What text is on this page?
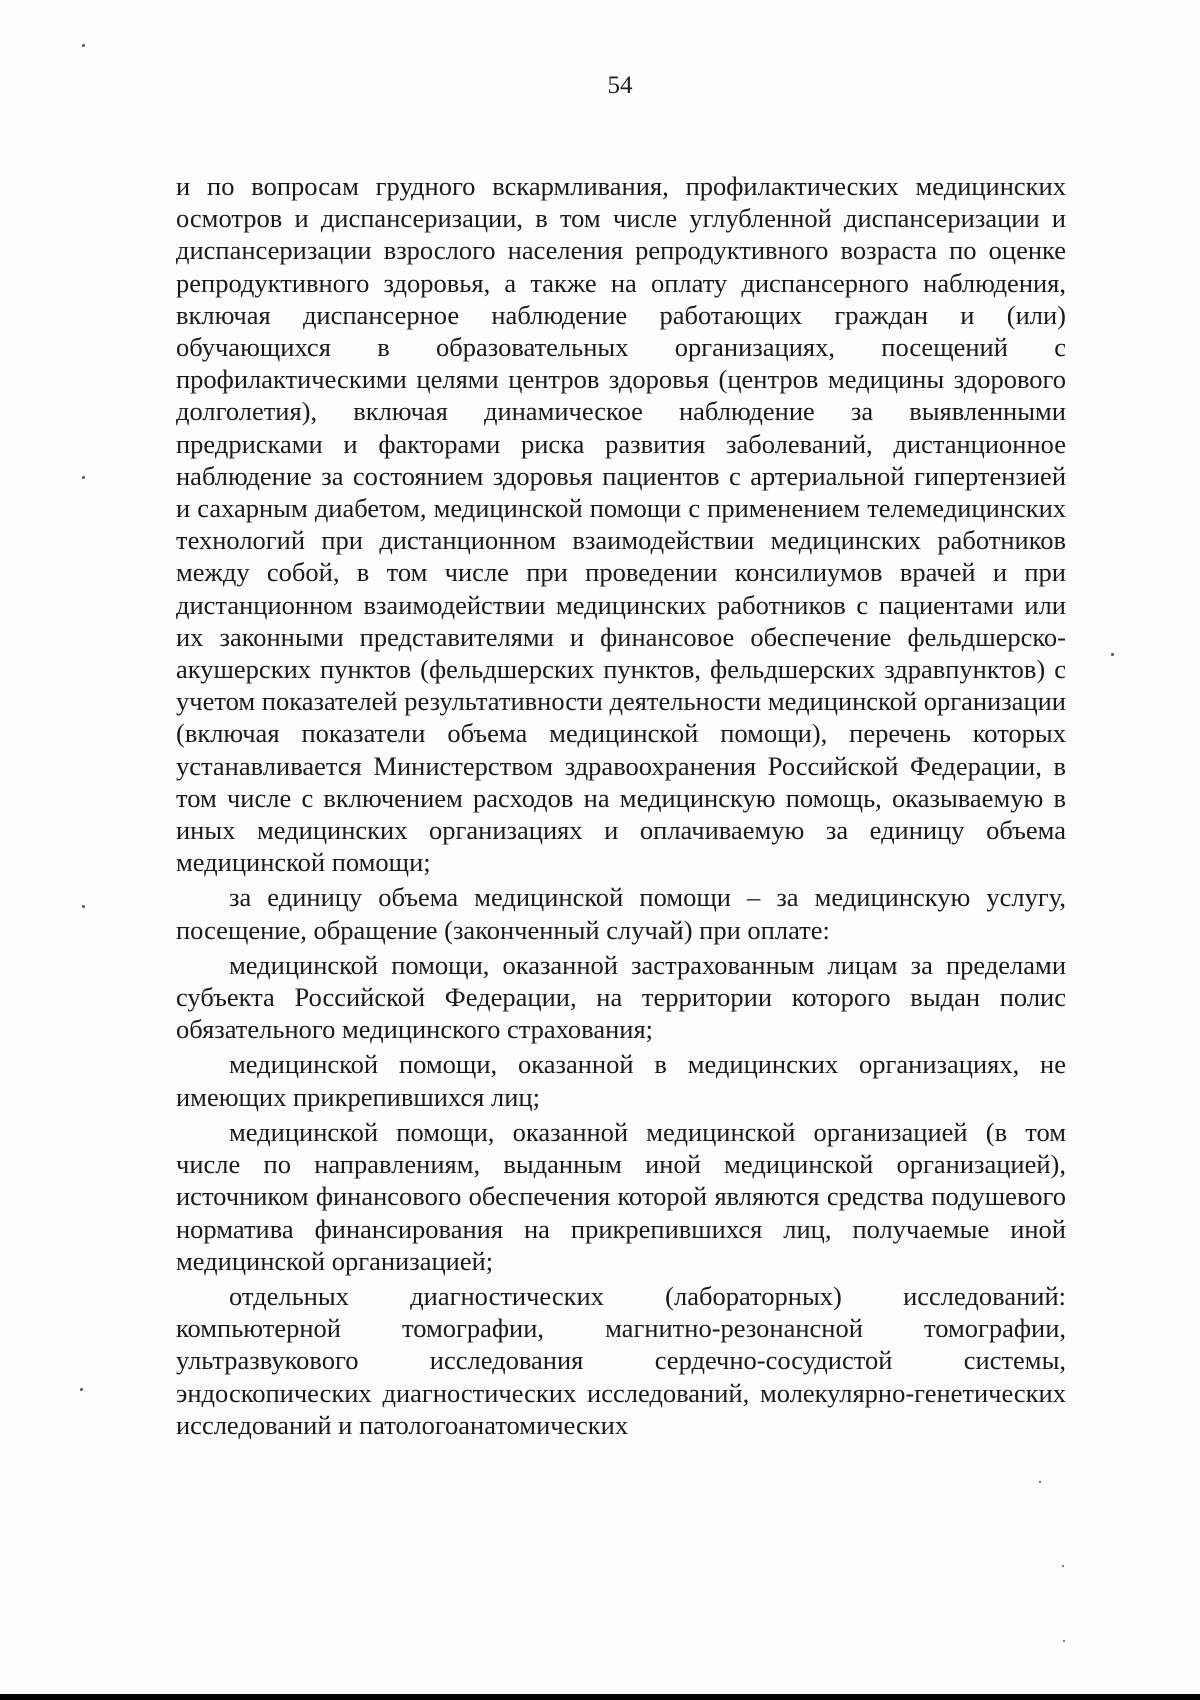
54

и по вопросам грудного вскармливания, профилактических медицинских осмотров и диспансеризации, в том числе углубленной диспансеризации и диспансеризации взрослого населения репродуктивного возраста по оценке репродуктивного здоровья, а также на оплату диспансерного наблюдения, включая диспансерное наблюдение работающих граждан и (или) обучающихся в образовательных организациях, посещений с профилактическими целями центров здоровья (центров медицины здорового долголетия), включая динамическое наблюдение за выявленными предрисками и факторами риска развития заболеваний, дистанционное наблюдение за состоянием здоровья пациентов с артериальной гипертензией и сахарным диабетом, медицинской помощи с применением телемедицинских технологий при дистанционном взаимодействии медицинских работников между собой, в том числе при проведении консилиумов врачей и при дистанционном взаимодействии медицинских работников с пациентами или их законными представителями и финансовое обеспечение фельдшерско-акушерских пунктов (фельдшерских пунктов, фельдшерских здравпунктов) с учетом показателей результативности деятельности медицинской организации (включая показатели объема медицинской помощи), перечень которых устанавливается Министерством здравоохранения Российской Федерации, в том числе с включением расходов на медицинскую помощь, оказываемую в иных медицинских организациях и оплачиваемую за единицу объема медицинской помощи;

за единицу объема медицинской помощи – за медицинскую услугу, посещение, обращение (законченный случай) при оплате:

медицинской помощи, оказанной застрахованным лицам за пределами субъекта Российской Федерации, на территории которого выдан полис обязательного медицинского страхования;

медицинской помощи, оказанной в медицинских организациях, не имеющих прикрепившихся лиц;

медицинской помощи, оказанной медицинской организацией (в том числе по направлениям, выданным иной медицинской организацией), источником финансового обеспечения которой являются средства подушевого норматива финансирования на прикрепившихся лиц, получаемые иной медицинской организацией;

отдельных диагностических (лабораторных) исследований: компьютерной томографии, магнитно-резонансной томографии, ультразвукового исследования сердечно-сосудистой системы, эндоскопических диагностических исследований, молекулярно-генетических исследований и патологоанатомических
